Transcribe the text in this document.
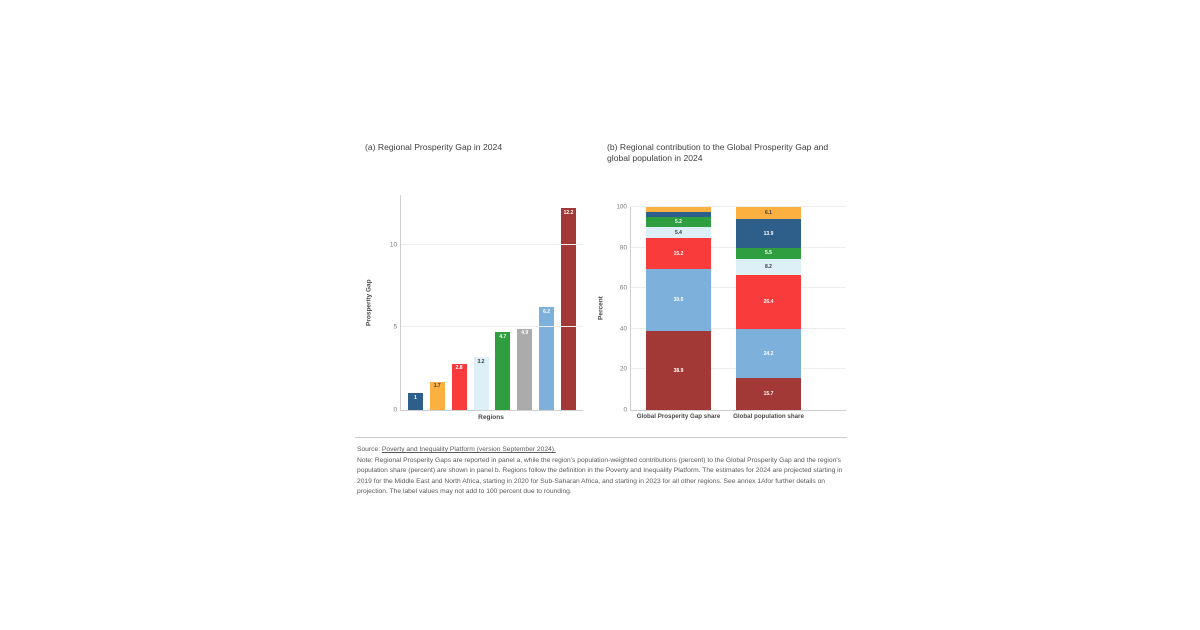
(a) Regional Prosperity Gap in 2024
Prosperity Gap
1
1.7
2.8
3.2
4.7
4.9
6.2
12.2
0
5
10
Regions
(b) Regional contribution to the Global Prosperity Gap and global population in 2024
Percent
0
20
40
60
80
100
38.9
30.5
15.2
5.4
5.2
Global Prosperity Gap share
15.7
24.2
26.4
8.2
5.5
13.9
6.1
Global population share
Source: Poverty and Inequality Platform (version September 2024).
Note: Regional Prosperity Gaps are reported in panel a, while the region's population-weighted contributions (percent) to the Global Prosperity Gap and the region's population share (percent) are shown in panel b. Regions follow the definition in the Poverty and Inequality Platform. The estimates for 2024 are projected starting in 2019 for the Middle East and North Africa, starting in 2020 for Sub-Saharan Africa, and starting in 2023 for all other regions. See annex 1Afor further details on projection. The label values may not add to 100 percent due to rounding.
